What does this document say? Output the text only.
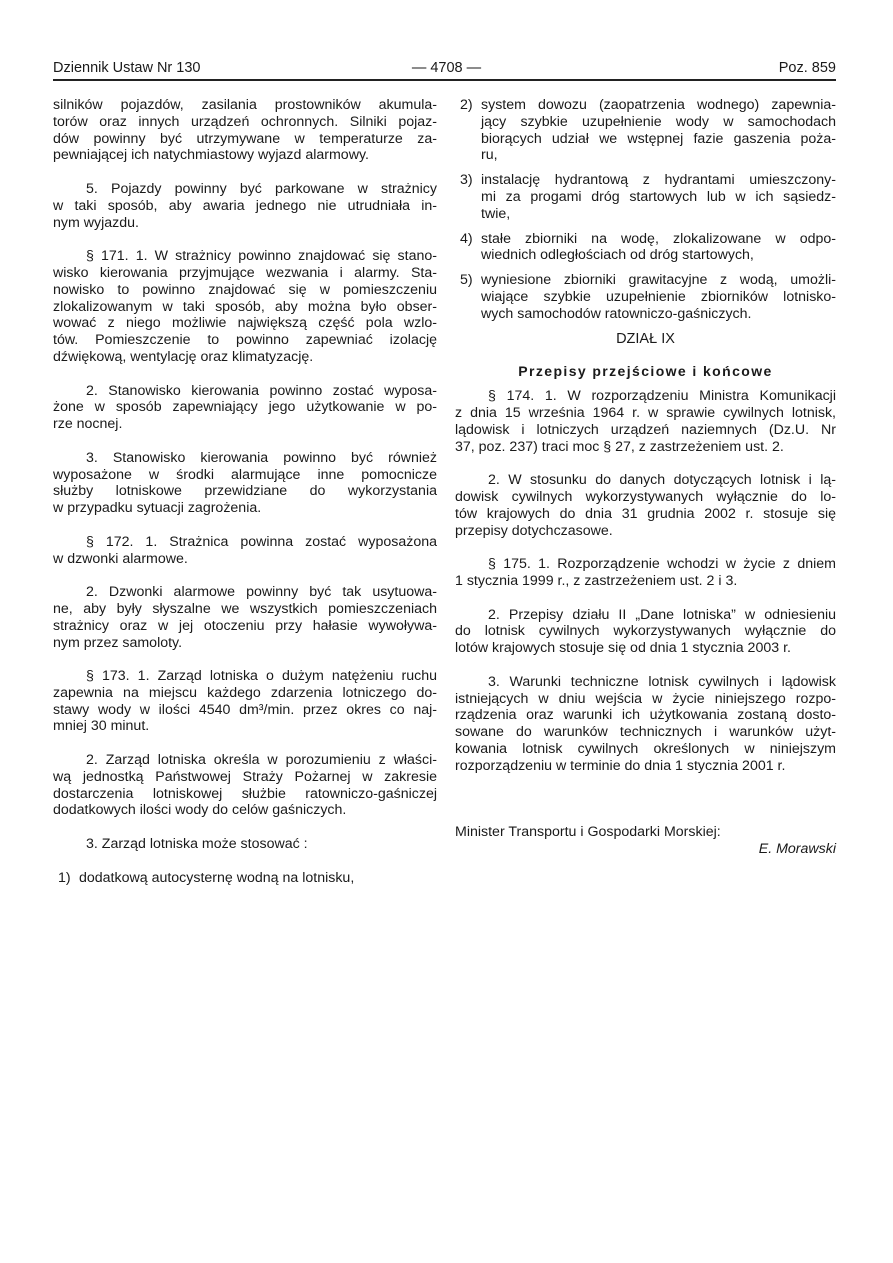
Dziennik Ustaw Nr 130	— 4708 —	Poz. 859
silników pojazdów, zasilania prostowników akumula-
torów oraz innych urządzeń ochronnych. Silniki pojaz-
dów powinny być utrzymywane w temperaturze za-
pewniającej ich natychmiastowy wyjazd alarmowy.
5. Pojazdy powinny być parkowane w strażnicy
w taki sposób, aby awaria jednego nie utrudniała in-
nym wyjazdu.
§ 171. 1. W strażnicy powinno znajdować się stano-
wisko kierowania przyjmujące wezwania i alarmy. Sta-
nowisko to powinno znajdować się w pomieszczeniu
zlokalizowanym w taki sposób, aby można było obser-
wować z niego możliwie największą część pola wzlo-
tów. Pomieszczenie to powinno zapewniać izolację
dźwiękową, wentylację oraz klimatyzację.
2. Stanowisko kierowania powinno zostać wyposa-
żone w sposób zapewniający jego użytkowanie w po-
rze nocnej.
3. Stanowisko kierowania powinno być również
wyposażone w środki alarmujące inne pomocnicze
służby lotniskowe przewidziane do wykorzystania
w przypadku sytuacji zagrożenia.
§ 172. 1. Strażnica powinna zostać wyposażona
w dzwonki alarmowe.
2. Dzwonki alarmowe powinny być tak usytuowa-
ne, aby były słyszalne we wszystkich pomieszczeniach
strażnicy oraz w jej otoczeniu przy hałasie wywoływa-
nym przez samoloty.
§ 173. 1. Zarząd lotniska o dużym natężeniu ruchu
zapewnia na miejscu każdego zdarzenia lotniczego do-
stawy wody w ilości 4540 dm³/min. przez okres co naj-
mniej 30 minut.
2. Zarząd lotniska określa w porozumieniu z właści-
wą jednostką Państwowej Straży Pożarnej w zakresie
dostarczenia lotniskowej służbie ratowniczo-gaśniczej
dodatkowych ilości wody do celów gaśniczych.
3. Zarząd lotniska może stosować :
1) dodatkową autocysternę wodną na lotnisku,
2) system dowozu (zaopatrzenia wodnego) zapewnia-
jący szybkie uzupełnienie wody w samochodach
biorących udział we wstępnej fazie gaszenia poża-
ru,
3) instalację hydrantową z hydrantami umieszczony-
mi za progami dróg startowych lub w ich sąsiedz-
twie,
4) stałe zbiorniki na wodę, zlokalizowane w odpo-
wiednich odległościach od dróg startowych,
5) wyniesione zbiorniki grawitacyjne z wodą, umożli-
wiające szybkie uzupełnienie zbiorników lotnisko-
wych samochodów ratowniczo-gaśniczych.
DZIAŁ IX
Przepisy przejściowe i końcowe
§ 174. 1. W rozporządzeniu Ministra Komunikacji
z dnia 15 września 1964 r. w sprawie cywilnych lotnisk,
lądowisk i lotniczych urządzeń naziemnych (Dz.U. Nr
37, poz. 237) traci moc § 27, z zastrzeżeniem ust. 2.
2. W stosunku do danych dotyczących lotnisk i lą-
dowisk cywilnych wykorzystywanych wyłącznie do lo-
tów krajowych do dnia 31 grudnia 2002 r. stosuje się
przepisy dotychczasowe.
§ 175. 1. Rozporządzenie wchodzi w życie z dniem
1 stycznia 1999 r., z zastrzeżeniem ust. 2 i 3.
2. Przepisy działu II „Dane lotniska” w odniesieniu
do lotnisk cywilnych wykorzystywanych wyłącznie do
lotów krajowych stosuje się od dnia 1 stycznia 2003 r.
3. Warunki techniczne lotnisk cywilnych i lądowisk
istniejących w dniu wejścia w życie niniejszego rozpo-
rządzenia oraz warunki ich użytkowania zostaną dosto-
sowane do warunków technicznych i warunków użyt-
kowania lotnisk cywilnych określonych w niniejszym
rozporządzeniu w terminie do dnia 1 stycznia 2001 r.
Minister Transportu i Gospodarki Morskiej:
E. Morawski
